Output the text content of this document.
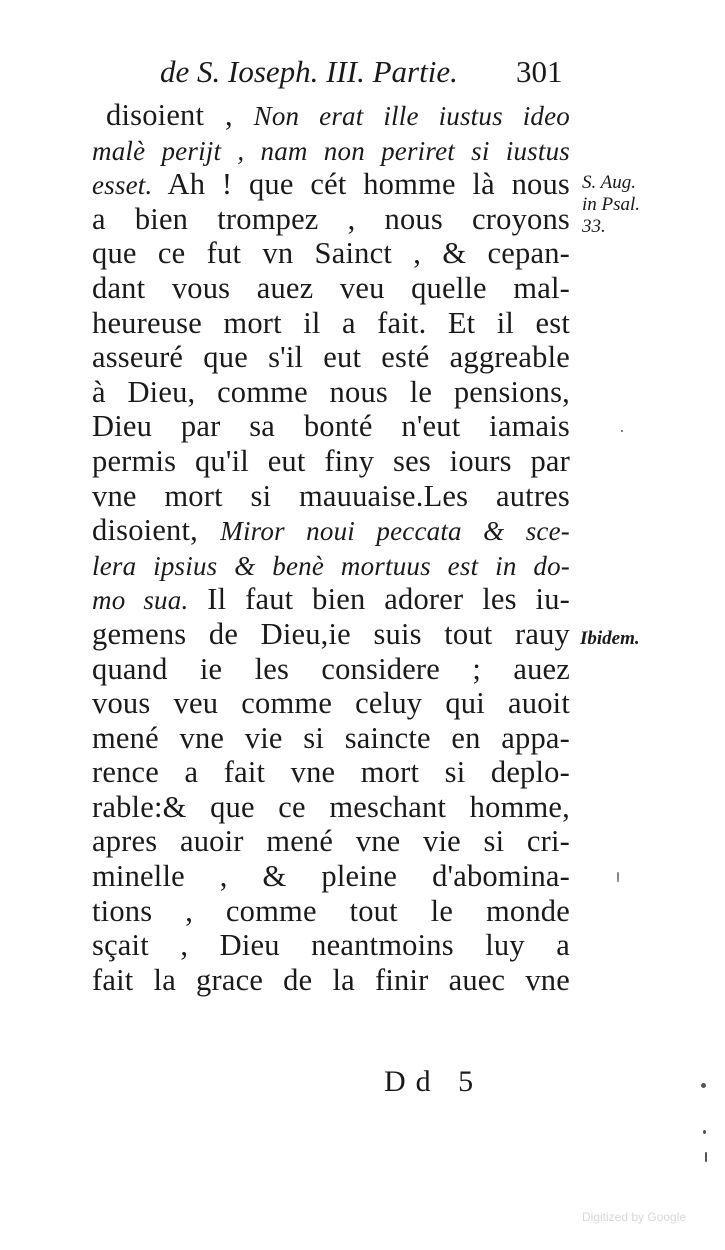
de S. Ioseph. III. Partie.	301
disoient , Non erat ille iustus ideo
malè perijt , nam non periret si iustus
esset. Ah ! que cét homme là nous
a bien trompez , nous croyons
que ce fut vn Sainct , & cepan-
dant vous auez veu quelle mal-
heureuse mort il a fait. Et il est
asseuré que s'il eut esté aggreable
à Dieu, comme nous le pensions,
Dieu par sa bonté n'eut iamais
permis qu'il eut finy ses iours par
vne mort si mauuaise.Les autres
disoient, Miror noui peccata & sce-
lera ipsius & benè mortuus est in do-
mo sua. Il faut bien adorer les iu-
gemens de Dieu,ie suis tout rauy
quand ie les considere ; auez
vous veu comme celuy qui auoit
mené vne vie si saincte en appa-
rence a fait vne mort si deplo-
rable:& que ce meschant homme,
apres auoir mené vne vie si cri-
minelle , & pleine d'abomina-
tions , comme tout le monde
sçait , Dieu neantmoins luy a
fait la grace de la finir auec vne
S. Aug.
in Psal.
33.
Ibidem.
Dd 5
Digitized by Google
